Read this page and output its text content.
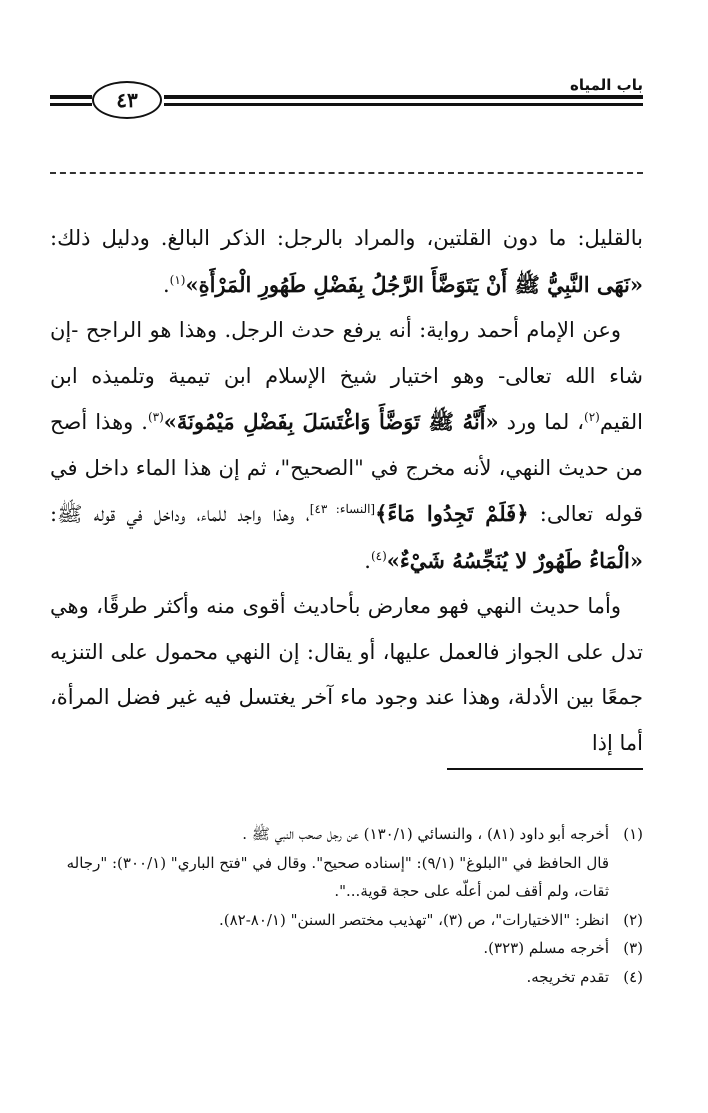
باب المياه
٤٣

بالقليل: ما دون القلتين، والمراد بالرجل: الذكر البالغ. ودليل ذلك: «نَهَى النَّبِيُّ ﷺ أَنْ يَتَوَضَّأَ الرَّجُلُ بِفَضْلِ طَهُورِ الْمَرْأَةِ»$^{(١)}$.

وعن الإمام أحمد رواية: أنه يرفع حدث الرجل. وهذا هو الراجح -إن شاء الله تعالى- وهو اختيار شيخ الإسلام ابن تيمية وتلميذه ابن القيم$^{(٢)}$، لما ورد «أَنَّهُ ﷺ تَوَضَّأَ وَاغْتَسَلَ بِفَضْلِ مَيْمُونَةَ»$^{(٣)}$. وهذا أصح من حديث النهي، لأنه مخرج في "الصحيح"، ثم إن هذا الماء داخل في قوله تعالى: ﴿فَلَمْ تَجِدُوا مَاءً﴾[النساء: ٤٣]، وهذا واجد للماء، وداخل في قوله ﷺ: «الْمَاءُ طَهُورٌ لا يُنَجِّسُهُ شَيْءٌ»$^{(٤)}$.

وأما حديث النهي فهو معارض بأحاديث أقوى منه وأكثر طرقًا، وهي تدل على الجواز فالعمل عليها، أو يقال: إن النهي محمول على التنزيه جمعًا بين الأدلة، وهذا عند وجود ماء آخر يغتسل فيه غير فضل المرأة، أما إذا

(١)
أخرجه أبو داود (٨١) ، والنسائي (١٣٠/١) عن رجل صحب النبي ﷺ .
قال الحافظ في "البلوغ" (٩/١): "إسناده صحيح". وقال في "فتح الباري" (٣٠٠/١): "رجاله ثقات، ولم أقف لمن أعلّه على حجة قوية...".
(٢)
انظر: "الاختيارات"، ص (٣)، "تهذيب مختصر السنن" (٨٠/١-٨٢).
(٣)
أخرجه مسلم (٣٢٣).
(٤)
تقدم تخريجه.
